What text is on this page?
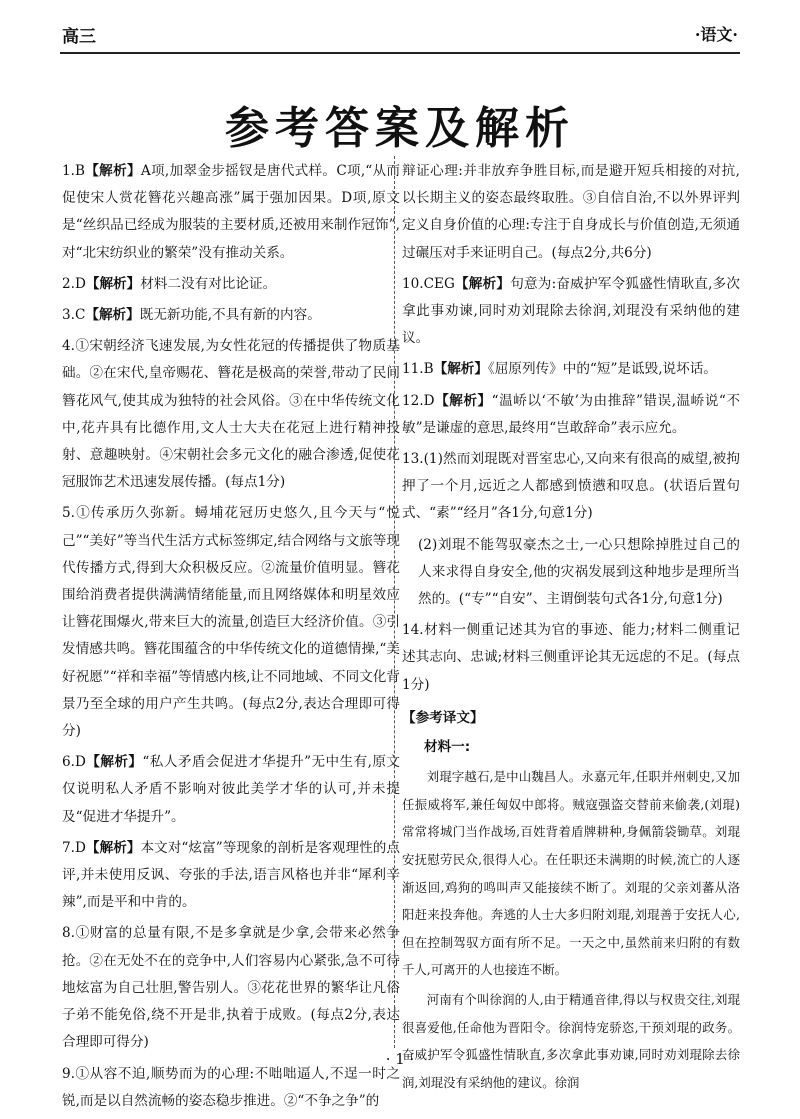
高三	·语文·
参考答案及解析
1.B【解析】A项,加翠金步摇钗是唐代式样。C项,“从而促使宋人赏花簪花兴趣高涨”属于强加因果。D项,原文是“丝织品已经成为服装的主要材质,还被用来制作冠饰”,对“北宋纺织业的繁荣”没有推动关系。
2.D【解析】材料二没有对比论证。
3.C【解析】既无新功能,不具有新的内容。
4.①宋朝经济飞速发展,为女性花冠的传播提供了物质基础。②在宋代,皇帝赐花、簪花是极高的荣誉,带动了民间簪花风气,使其成为独特的社会风俗。③在中华传统文化中,花卉具有比德作用,文人士大夫在花冠上进行精神投射、意趣映射。④宋朝社会多元文化的融合渗透,促使花冠服饰艺术迅速发展传播。(每点1分)
5.①传承历久弥新。蟳埔花冠历史悠久,且今天与“悦己”“美好”等当代生活方式标签绑定,结合网络与文旅等现代传播方式,得到大众积极反应。②流量价值明显。簪花围给消费者提供满满情绪能量,而且网络媒体和明星效应让簪花围爆火,带来巨大的流量,创造巨大经济价值。③引发情感共鸣。簪花围蕴含的中华传统文化的道德情操,“美好祝愿”“祥和幸福”等情感内核,让不同地域、不同文化背景乃至全球的用户产生共鸣。(每点2分,表达合理即可得分)
6.D【解析】“私人矛盾会促进才华提升”无中生有,原文仅说明私人矛盾不影响对彼此美学才华的认可,并未提及“促进才华提升”。
7.D【解析】本文对“炫富”等现象的剖析是客观理性的点评,并未使用反讽、夸张的手法,语言风格也并非“犀利辛辣”,而是平和中肯的。
8.①财富的总量有限,不是多拿就是少拿,会带来必然争抢。②在无处不在的竞争中,人们容易内心紧张,急不可待地炫富为自己壮胆,警告别人。③花花世界的繁华让凡俗子弟不能免俗,绕不开是非,执着于成败。(每点2分,表达合理即可得分)
9.①从容不迫,顺势而为的心理:不咄咄逼人,不逞一时之锐,而是以自然流畅的姿态稳步推进。②“不争之争”的
辩证心理:并非放弃争胜目标,而是避开短兵相接的对抗,以长期主义的姿态最终取胜。③自信自治,不以外界评判定义自身价值的心理:专注于自身成长与价值创造,无须通过碾压对手来证明自己。(每点2分,共6分)
10.CEG【解析】句意为:奋威护军令狐盛性情耿直,多次拿此事劝谏,同时劝刘琨除去徐润,刘琨没有采纳他的建议。
11.B【解析】《屈原列传》中的“短”是诋毁,说坏话。
12.D【解析】“温峤以‘不敏’为由推辞”错误,温峤说“不敏”是谦虚的意思,最终用“岂敢辞命”表示应允。
13.(1)然而刘琨既对晋室忠心,又向来有很高的威望,被拘押了一个月,远近之人都感到愤懑和叹息。(状语后置句式、“素”“经月”各1分,句意1分)
(2)刘琨不能驾驭豪杰之士,一心只想除掉胜过自己的人来求得自身安全,他的灾祸发展到这种地步是理所当然的。(“专”“自安”、主谓倒装句式各1分,句意1分)
14.材料一侧重记述其为官的事迹、能力;材料二侧重记述其志向、忠诚;材料三侧重评论其无远虑的不足。(每点1分)
【参考译文】
材料一:
刘琨字越石,是中山魏昌人。永嘉元年,任职并州刺史,又加任振威将军,兼任匈奴中郎将。贼寇强盗交替前来偷袭,(刘琨)常常将城门当作战场,百姓背着盾牌耕种,身佩箭袋锄草。刘琨安抚慰劳民众,很得人心。在任职还未满期的时候,流亡的人逐渐返回,鸡狗的鸣叫声又能接续不断了。刘琨的父亲刘蕃从洛阳赶来投奔他。奔逃的人士大多归附刘琨,刘琨善于安抚人心,但在控制驾驭方面有所不足。一天之中,虽然前来归附的有数千人,可离开的人也接连不断。
河南有个叫徐润的人,由于精通音律,得以与权贵交往,刘琨很喜爱他,任命他为晋阳令。徐润恃宠骄恣,干预刘琨的政务。奋威护军令狐盛性情耿直,多次拿此事劝谏,同时劝刘琨除去徐润,刘琨没有采纳他的建议。徐润
· 1 ·
